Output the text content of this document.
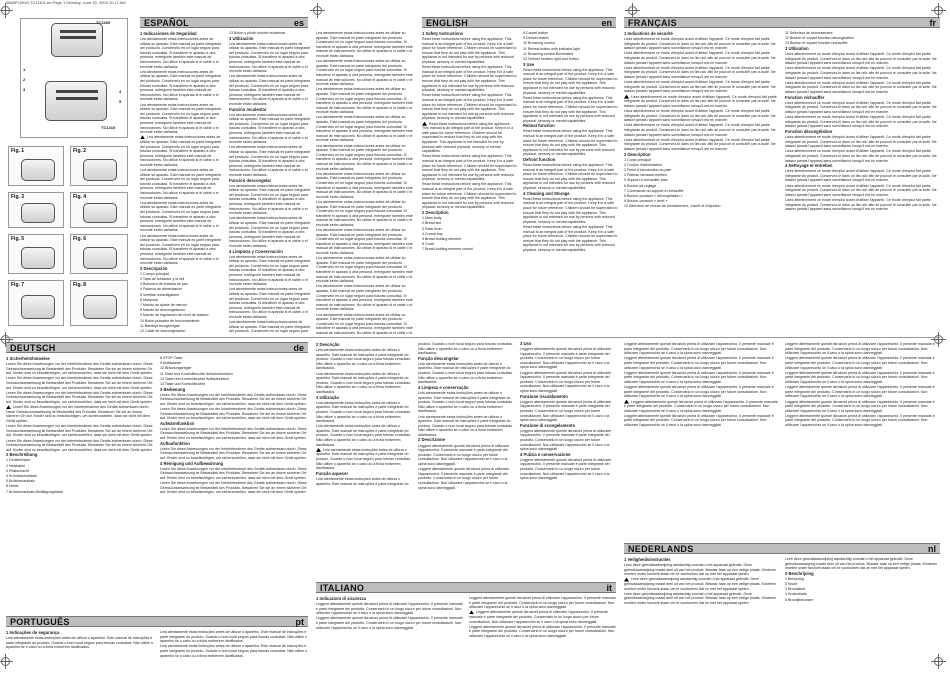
0866PL8049-TC11101.fm Page 1 Monday, June 15, 2009 11:17 AM
TC1400
TC1410
1
2
3	4
5
Fig. 1	Fig. 2
Fig. 3	Fig. 4
Fig. 5	Fig. 6
Fig. 7	Fig. 8
ESPAÑOL	es	ENGLISH	en FRANÇAIS	fr
DEUTSCH	de
PORTUGUÊS	pt
ITALIANO	it
NEDERLANDS	nl
1 Indicaciones de Seguridad

Lea atentamente estas instrucciones antes de utilizar su aparato. Este manual es parte integrante del producto. Consérvelo en un lugar seguro para futuras consultas. Si transfiere el aparato a otra persona, entréguele también este manual de instrucciones. No utilice el aparato si el cable o el enchufe están dañados.

Lea atentamente estas instrucciones antes de utilizar su aparato. Este manual es parte integrante del producto. Consérvelo en un lugar seguro para futuras consultas. Si transfiere el aparato a otra persona, entréguele también este manual de instrucciones. No utilice el aparato si el cable o el enchufe están dañados.

Lea atentamente estas instrucciones antes de utilizar su aparato. Este manual es parte integrante del producto. Consérvelo en un lugar seguro para futuras consultas. Si transfiere el aparato a otra persona, entréguele también este manual de instrucciones. No utilice el aparato si el cable o el enchufe están dañados.

Lea atentamente estas instrucciones antes de utilizar su aparato. Este manual es parte integrante del producto. Consérvelo en un lugar seguro para futuras consultas. Si transfiere el aparato a otra persona, entréguele también este manual de instrucciones. No utilice el aparato si el cable o el enchufe están dañados.

Lea atentamente estas instrucciones antes de utilizar su aparato. Este manual es parte integrante del producto. Consérvelo en un lugar seguro para futuras consultas. Si transfiere el aparato a otra persona, entréguele también este manual de instrucciones. No utilice el aparato si el cable o el enchufe están dañados.

Lea atentamente estas instrucciones antes de utilizar su aparato. Este manual es parte integrante del producto. Consérvelo en un lugar seguro para futuras consultas. Si transfiere el aparato a otra persona, entréguele también este manual de instrucciones. No utilice el aparato si el cable o el enchufe están dañados.

Lea atentamente estas instrucciones antes de utilizar su aparato. Este manual es parte integrante del producto. Consérvelo en un lugar seguro para futuras consultas. Si transfiere el aparato a otra persona, entréguele también este manual de instrucciones. No utilice el aparato si el cable o el enchufe están dañados.

2 Descripción

1 Cuerpo principal

2 Tapa de contactor y la red

3 Botonera de entrada de pan

4 Palanca de alimentación

5 Ventilas retráctilgables

6 Mariposa

7 Mando de ajuste de marrón

8 Mando de descongelación

9 Mando de regulación del nivel de tostado

10 Botón pulsador de funcionamiento

11 Bandeja recogemigas

12 Cable de descongelación

13 Botón y piloto función recalentar

3 Utilización

Lea atentamente estas instrucciones antes de utilizar su aparato. Este manual es parte integrante del producto. Consérvelo en un lugar seguro para futuras consultas. Si transfiere el aparato a otra persona, entréguele también este manual de instrucciones. No utilice el aparato si el cable o el enchufe están dañados.

Lea atentamente estas instrucciones antes de utilizar su aparato. Este manual es parte integrante del producto. Consérvelo en un lugar seguro para futuras consultas. Si transfiere el aparato a otra persona, entréguele también este manual de instrucciones. No utilice el aparato si el cable o el enchufe están dañados.

Función recalentar

Lea atentamente estas instrucciones antes de utilizar su aparato. Este manual es parte integrante del producto. Consérvelo en un lugar seguro para futuras consultas. Si transfiere el aparato a otra persona, entréguele también este manual de instrucciones. No utilice el aparato si el cable o el enchufe están dañados.

Lea atentamente estas instrucciones antes de utilizar su aparato. Este manual es parte integrante del producto. Consérvelo en un lugar seguro para futuras consultas. Si transfiere el aparato a otra persona, entréguele también este manual de instrucciones. No utilice el aparato si el cable o el enchufe están dañados.

Función descongelar

Lea atentamente estas instrucciones antes de utilizar su aparato. Este manual es parte integrante del producto. Consérvelo en un lugar seguro para futuras consultas. Si transfiere el aparato a otra persona, entréguele también este manual de instrucciones. No utilice el aparato si el cable o el enchufe están dañados.

Lea atentamente estas instrucciones antes de utilizar su aparato. Este manual es parte integrante del producto. Consérvelo en un lugar seguro para futuras consultas. Si transfiere el aparato a otra persona, entréguele también este manual de instrucciones. No utilice el aparato si el cable o el enchufe están dañados.

4 Limpieza y Conservación

Lea atentamente estas instrucciones antes de utilizar su aparato. Este manual es parte integrante del producto. Consérvelo en un lugar seguro para futuras consultas. Si transfiere el aparato a otra persona, entréguele también este manual de instrucciones. No utilice el aparato si el cable o el enchufe están dañados.

Lea atentamente estas instrucciones antes de utilizar su aparato. Este manual es parte integrante del producto. Consérvelo en un lugar seguro para futuras consultas. Si transfiere el aparato a otra persona, entréguele también este manual de instrucciones. No utilice el aparato si el cable o el enchufe están dañados.

Lea atentamente estas instrucciones antes de utilizar su aparato. Este manual es parte integrante del producto. Consérvelo en un lugar seguro para

1 Safety Instructions

Read these instructions before using the appliance. This manual is an integral part of the product. Keep it in a safe place for future reference. Children should be supervised to ensure that they do not play with the appliance. This appliance is not intended for use by persons with reduced physical, sensory or mental capabilities.

Read these instructions before using the appliance. This manual is an integral part of the product. Keep it in a safe place for future reference. Children should be supervised to ensure that they do not play with the appliance. This appliance is not intended for use by persons with reduced physical, sensory or mental capabilities.

Read these instructions before using the appliance. This manual is an integral part of the product. Keep it in a safe place for future reference. Children should be supervised to ensure that they do not play with the appliance. This appliance is not intended for use by persons with reduced physical, sensory or mental capabilities.

Read these instructions before using the appliance. This manual is an integral part of the product. Keep it in a safe place for future reference. Children should be supervised to ensure that they do not play with the appliance. This appliance is not intended for use by persons with reduced physical, sensory or mental capabilities.

Read these instructions before using the appliance. This manual is an integral part of the product. Keep it in a safe place for future reference. Children should be supervised to ensure that they do not play with the appliance. This appliance is not intended for use by persons with reduced physical, sensory or mental capabilities.

Read these instructions before using the appliance. This manual is an integral part of the product. Keep it in a safe place for future reference. Children should be supervised to ensure that they do not play with the appliance. This appliance is not intended for use by persons with reduced physical, sensory or mental capabilities.

2 Description

1 Main body

2 Bread slot

3 Rack lever

4 Crumb tray

5 Bread-holding element

6 Cover

7 Bread-holding element control

8 Cancel button

9 Defrost button

10 Browning control

11 Reheat button with indicator light

12 Browning control illuminated

13 Defrost function light and button

3 Use

Read these instructions before using the appliance. This manual is an integral part of the product. Keep it in a safe place for future reference. Children should be supervised to ensure that they do not play with the appliance. This appliance is not intended for use by persons with reduced physical, sensory or mental capabilities.

Read these instructions before using the appliance. This manual is an integral part of the product. Keep it in a safe place for future reference. Children should be supervised to ensure that they do not play with the appliance. This appliance is not intended for use by persons with reduced physical, sensory or mental capabilities.

Reheat function

Read these instructions before using the appliance. This manual is an integral part of the product. Keep it in a safe place for future reference. Children should be supervised to ensure that they do not play with the appliance. This appliance is not intended for use by persons with reduced physical, sensory or mental capabilities.

Defrost function

Read these instructions before using the appliance. This manual is an integral part of the product. Keep it in a safe place for future reference. Children should be supervised to ensure that they do not play with the appliance. This appliance is not intended for use by persons with reduced physical, sensory or mental capabilities.

4 Cleaning and Storage

Read these instructions before using the appliance. This manual is an integral part of the product. Keep it in a safe place for future reference. Children should be supervised to ensure that they do not play with the appliance. This appliance is not intended for use by persons with reduced physical, sensory or mental capabilities.

Read these instructions before using the appliance. This manual is an integral part of the product. Keep it in a safe place for future reference. Children should be supervised to ensure that they do not play with the appliance. This appliance is not intended for use by persons with reduced physical, sensory or mental capabilities.

Lea atentamente estas instrucciones antes de utilizar su aparato. Este manual es parte integrante del producto. Consérvelo en un lugar seguro para futuras consultas. Si transfiere el aparato a otra persona, entréguele también este manual de instrucciones. No utilice el aparato si el cable o el enchufe están dañados.

Lea atentamente estas instrucciones antes de utilizar su aparato. Este manual es parte integrante del producto. Consérvelo en un lugar seguro para futuras consultas. Si transfiere el aparato a otra persona, entréguele también este manual de instrucciones. No utilice el aparato si el cable o el enchufe están dañados.

Lea atentamente estas instrucciones antes de utilizar su aparato. Este manual es parte integrante del producto. Consérvelo en un lugar seguro para futuras consultas. Si transfiere el aparato a otra persona, entréguele también este manual de instrucciones. No utilice el aparato si el cable o el enchufe están dañados.

Lea atentamente estas instrucciones antes de utilizar su aparato. Este manual es parte integrante del producto. Consérvelo en un lugar seguro para futuras consultas. Si transfiere el aparato a otra persona, entréguele también este manual de instrucciones. No utilice el aparato si el cable o el enchufe están dañados.

Lea atentamente estas instrucciones antes de utilizar su aparato. Este manual es parte integrante del producto. Consérvelo en un lugar seguro para futuras consultas. Si transfiere el aparato a otra persona, entréguele también este manual de instrucciones. No utilice el aparato si el cable o el enchufe están dañados.

Lea atentamente estas instrucciones antes de utilizar su aparato. Este manual es parte integrante del producto. Consérvelo en un lugar seguro para futuras consultas. Si transfiere el aparato a otra persona, entréguele también este manual de instrucciones. No utilice el aparato si el cable o el enchufe están dañados.

Lea atentamente estas instrucciones antes de utilizar su aparato. Este manual es parte integrante del producto. Consérvelo en un lugar seguro para futuras consultas. Si transfiere el aparato a otra persona, entréguele también este manual de instrucciones. No utilice el aparato si el cable o el enchufe están dañados.

Lea atentamente estas instrucciones antes de utilizar su aparato. Este manual es parte integrante del producto. Consérvelo en un lugar seguro para futuras consultas. Si transfiere el aparato a otra persona, entréguele también este manual de instrucciones. No utilice el aparato si el cable o el enchufe están dañados.

Lea atentamente estas instrucciones antes de utilizar su aparato. Este manual es parte integrante del producto. Consérvelo en un lugar seguro para futuras consultas. Si transfiere el aparato a otra persona, entréguele también este manual de instrucciones. No utilice el aparato si el cable o el enchufe están dañados.

Lea atentamente estas instrucciones antes de utilizar su aparato. Este manual es parte integrante del producto. Consérvelo en un lugar seguro para futuras consultas. Si transfiere el aparato a otra persona, entréguele también este manual de instrucciones. No utilice el aparato si el cable o el enchufe están dañados.

Lea atentamente estas instrucciones antes de utilizar su aparato. Este manual es parte integrante del producto. Consérvelo en un lugar seguro para futuras consultas. Si transfiere el aparato a otra persona, entréguele también este manual de instrucciones. No utilice el aparato si el cable o el

1 Indications de sécurité

Lisez attentivement ce mode d'emploi avant d'utiliser l'appareil. Ce mode d'emploi fait partie intégrante du produit. Conservez-le dans un lieu sûr afin de pouvoir le consulter par la suite. Ne laissez jamais l'appareil sans surveillance lorsqu'il est en marche.

Lisez attentivement ce mode d'emploi avant d'utiliser l'appareil. Ce mode d'emploi fait partie intégrante du produit. Conservez-le dans un lieu sûr afin de pouvoir le consulter par la suite. Ne laissez jamais l'appareil sans surveillance lorsqu'il est en marche.

Lisez attentivement ce mode d'emploi avant d'utiliser l'appareil. Ce mode d'emploi fait partie intégrante du produit. Conservez-le dans un lieu sûr afin de pouvoir le consulter par la suite. Ne laissez jamais l'appareil sans surveillance lorsqu'il est en marche.

Lisez attentivement ce mode d'emploi avant d'utiliser l'appareil. Ce mode d'emploi fait partie intégrante du produit. Conservez-le dans un lieu sûr afin de pouvoir le consulter par la suite. Ne laissez jamais l'appareil sans surveillance lorsqu'il est en marche.

Lisez attentivement ce mode d'emploi avant d'utiliser l'appareil. Ce mode d'emploi fait partie intégrante du produit. Conservez-le dans un lieu sûr afin de pouvoir le consulter par la suite. Ne laissez jamais l'appareil sans surveillance lorsqu'il est en marche.

Lisez attentivement ce mode d'emploi avant d'utiliser l'appareil. Ce mode d'emploi fait partie intégrante du produit. Conservez-le dans un lieu sûr afin de pouvoir le consulter par la suite. Ne laissez jamais l'appareil sans surveillance lorsqu'il est en marche.

Lisez attentivement ce mode d'emploi avant d'utiliser l'appareil. Ce mode d'emploi fait partie intégrante du produit. Conservez-le dans un lieu sûr afin de pouvoir le consulter par la suite. Ne laissez jamais l'appareil sans surveillance lorsqu'il est en marche.

Lisez attentivement ce mode d'emploi avant d'utiliser l'appareil. Ce mode d'emploi fait partie intégrante du produit. Conservez-le dans un lieu sûr afin de pouvoir le consulter par la suite. Ne laissez jamais l'appareil sans surveillance lorsqu'il est en marche.

2 Description

1 Corps principal

2 Cordon d'alimentation

3 Fente d'introduction du pain

4 Plateau ramasse-miettes

5 Support à réchauffer pain

6 Bouton de réglage

7 Commande du support à réchauffer

8 Bouton-poussoir « décongélation »

9 Bouton-poussoir « arrêt »

10 Sélecteur de niveau de brunissement, d'arrêt et d'éjection

11 Sélecteur de brunissement

12 Bouton et voyant fonction décongélation

13 Bouton et voyant fonction réchauffer

3 Utilisation

Lisez attentivement ce mode d'emploi avant d'utiliser l'appareil. Ce mode d'emploi fait partie intégrante du produit. Conservez-le dans un lieu sûr afin de pouvoir le consulter par la suite. Ne laissez jamais l'appareil sans surveillance lorsqu'il est en marche.

Lisez attentivement ce mode d'emploi avant d'utiliser l'appareil. Ce mode d'emploi fait partie intégrante du produit. Conservez-le dans un lieu sûr afin de pouvoir le consulter par la suite. Ne laissez jamais l'appareil sans surveillance lorsqu'il est en marche.

Lisez attentivement ce mode d'emploi avant d'utiliser l'appareil. Ce mode d'emploi fait partie intégrante du produit. Conservez-le dans un lieu sûr afin de pouvoir le consulter par la suite. Ne laissez jamais l'appareil sans surveillance lorsqu'il est en marche.

Fonction réchauffer

Lisez attentivement ce mode d'emploi avant d'utiliser l'appareil. Ce mode d'emploi fait partie intégrante du produit. Conservez-le dans un lieu sûr afin de pouvoir le consulter par la suite. Ne laissez jamais l'appareil sans surveillance lorsqu'il est en marche.

Lisez attentivement ce mode d'emploi avant d'utiliser l'appareil. Ce mode d'emploi fait partie intégrante du produit. Conservez-le dans un lieu sûr afin de pouvoir le consulter par la suite. Ne laissez jamais l'appareil sans surveillance lorsqu'il est en marche.

Fonction décongélation

Lisez attentivement ce mode d'emploi avant d'utiliser l'appareil. Ce mode d'emploi fait partie intégrante du produit. Conservez-le dans un lieu sûr afin de pouvoir le consulter par la suite. Ne laissez jamais l'appareil sans surveillance lorsqu'il est en marche.

Lisez attentivement ce mode d'emploi avant d'utiliser l'appareil. Ce mode d'emploi fait partie intégrante du produit. Conservez-le dans un lieu sûr afin de pouvoir le consulter par la suite. Ne laissez jamais l'appareil sans surveillance lorsqu'il est en marche.

4 Nettoyage et entretien

Lisez attentivement ce mode d'emploi avant d'utiliser l'appareil. Ce mode d'emploi fait partie intégrante du produit. Conservez-le dans un lieu sûr afin de pouvoir le consulter par la suite. Ne laissez jamais l'appareil sans surveillance lorsqu'il est en marche.

Lisez attentivement ce mode d'emploi avant d'utiliser l'appareil. Ce mode d'emploi fait partie intégrante du produit. Conservez-le dans un lieu sûr afin de pouvoir le consulter par la suite. Ne laissez jamais l'appareil sans surveillance lorsqu'il est en marche.

Lisez attentivement ce mode d'emploi avant d'utiliser l'appareil. Ce mode d'emploi fait partie intégrante du produit. Conservez-le dans un lieu sûr afin de pouvoir le consulter par la suite. Ne laissez jamais l'appareil sans surveillance lorsqu'il est en marche.

1 Sicherheitshinweise

Lesen Sie diese Anweisungen vor der Inbetriebnahme des Geräts aufmerksam durch. Diese Gebrauchsanweisung ist Bestandteil des Produkts. Bewahren Sie sie an einem sicheren Ort auf. Kinder sind zu beaufsichtigen, um sicherzustellen, dass sie nicht mit dem Gerät spielen.

Lesen Sie diese Anweisungen vor der Inbetriebnahme des Geräts aufmerksam durch. Diese Gebrauchsanweisung ist Bestandteil des Produkts. Bewahren Sie sie an einem sicheren Ort auf. Kinder sind zu beaufsichtigen, um sicherzustellen, dass sie nicht mit dem Gerät spielen.

Lesen Sie diese Anweisungen vor der Inbetriebnahme des Geräts aufmerksam durch. Diese Gebrauchsanweisung ist Bestandteil des Produkts. Bewahren Sie sie an einem sicheren Ort auf. Kinder sind zu beaufsichtigen, um sicherzustellen, dass sie nicht mit dem Gerät spielen.

Lesen Sie diese Anweisungen vor der Inbetriebnahme des Geräts aufmerksam durch. Diese Gebrauchsanweisung ist Bestandteil des Produkts. Bewahren Sie sie an einem sicheren Ort auf. Kinder sind zu beaufsichtigen, um sicherzustellen, dass sie nicht mit dem Gerät spielen.

Lesen Sie diese Anweisungen vor der Inbetriebnahme des Geräts aufmerksam durch. Diese Gebrauchsanweisung ist Bestandteil des Produkts. Bewahren Sie sie an einem sicheren Ort auf. Kinder sind zu beaufsichtigen, um sicherzustellen, dass sie nicht mit dem Gerät spielen.

Lesen Sie diese Anweisungen vor der Inbetriebnahme des Geräts aufmerksam durch. Diese Gebrauchsanweisung ist Bestandteil des Produkts. Bewahren Sie sie an einem sicheren Ort auf. Kinder sind zu beaufsichtigen, um sicherzustellen, dass sie nicht mit dem Gerät spielen.

2 Beschreibung

1 Gerätekörper

2 Netzkabel

3 Röstschacht

4 Krümelschublade

5 Brötchenaufsatz

6 Hebel

7 Brötchenaufsatz-Betätigungstaste

8 STOP-Taste

9 Auftautaste

10 Bräunungsregler

11 Taste und Kontrollleuchte Aufwärmfunktion

12 Taste und Kontrollleuchte Auftaufunktion

13 Taste und Kontrollleuchte

3 Bedienung

Lesen Sie diese Anweisungen vor der Inbetriebnahme des Geräts aufmerksam durch. Diese Gebrauchsanweisung ist Bestandteil des Produkts. Bewahren Sie sie an einem sicheren Ort auf. Kinder sind zu beaufsichtigen, um sicherzustellen, dass sie nicht mit dem Gerät spielen.

Lesen Sie diese Anweisungen vor der Inbetriebnahme des Geräts aufmerksam durch. Diese Gebrauchsanweisung ist Bestandteil des Produkts. Bewahren Sie sie an einem sicheren Ort auf. Kinder sind zu beaufsichtigen, um sicherzustellen, dass sie nicht mit dem Gerät spielen.

Aufwärmfunktion

Lesen Sie diese Anweisungen vor der Inbetriebnahme des Geräts aufmerksam durch. Diese Gebrauchsanweisung ist Bestandteil des Produkts. Bewahren Sie sie an einem sicheren Ort auf. Kinder sind zu beaufsichtigen, um sicherzustellen, dass sie nicht mit dem Gerät spielen.

Auftaufunktion

Lesen Sie diese Anweisungen vor der Inbetriebnahme des Geräts aufmerksam durch. Diese Gebrauchsanweisung ist Bestandteil des Produkts. Bewahren Sie sie an einem sicheren Ort auf. Kinder sind zu beaufsichtigen, um sicherzustellen, dass sie nicht mit dem Gerät spielen.

4 Reinigung und Aufbewahrung

Lesen Sie diese Anweisungen vor der Inbetriebnahme des Geräts aufmerksam durch. Diese Gebrauchsanweisung ist Bestandteil des Produkts. Bewahren Sie sie an einem sicheren Ort auf. Kinder sind zu beaufsichtigen, um sicherzustellen, dass sie nicht mit dem Gerät spielen.

Lesen Sie diese Anweisungen vor der Inbetriebnahme des Geräts aufmerksam durch. Diese Gebrauchsanweisung ist Bestandteil des Produkts. Bewahren Sie sie an einem sicheren Ort auf. Kinder sind zu beaufsichtigen, um sicherzustellen, dass sie nicht mit dem Gerät spielen.

1 Indicações de segurança

Leia atentamente estas instruções antes de utilizar o aparelho. Este manual de instruções é parte integrante do produto. Guarde-o num local seguro para futuras consultas. Não utilize o aparelho se o cabo ou a ficha estiverem danificados.

Leia atentamente estas instruções antes de utilizar o aparelho. Este manual de instruções é parte integrante do produto. Guarde-o num local seguro para futuras consultas. Não utilize o aparelho se o cabo ou a ficha estiverem danificados.

Leia atentamente estas instruções antes de utilizar o aparelho. Este manual de instruções é parte integrante do produto. Guarde-o num local seguro para futuras consultas. Não utilize o aparelho se o cabo ou a ficha estiverem danificados.

2 Descrição

Leia atentamente estas instruções antes de utilizar o aparelho. Este manual de instruções é parte integrante do produto. Guarde-o num local seguro para futuras consultas. Não utilize o aparelho se o cabo ou a ficha estiverem danificados.

Leia atentamente estas instruções antes de utilizar o aparelho. Este manual de instruções é parte integrante do produto. Guarde-o num local seguro para futuras consultas. Não utilize o aparelho se o cabo ou a ficha estiverem danificados.

3 Utilização

Leia atentamente estas instruções antes de utilizar o aparelho. Este manual de instruções é parte integrante do produto. Guarde-o num local seguro para futuras consultas. Não utilize o aparelho se o cabo ou a ficha estiverem danificados.

Leia atentamente estas instruções antes de utilizar o aparelho. Este manual de instruções é parte integrante do produto. Guarde-o num local seguro para futuras consultas. Não utilize o aparelho se o cabo ou a ficha estiverem danificados.

Leia atentamente estas instruções antes de utilizar o aparelho. Este manual de instruções é parte integrante do produto. Guarde-o num local seguro para futuras consultas. Não utilize o aparelho se o cabo ou a ficha estiverem danificados.

Função aquecer

Leia atentamente estas instruções antes de utilizar o aparelho. Este manual de instruções é parte integrante do produto. Guarde-o num local seguro para futuras consultas. Não utilize o aparelho se o cabo ou a ficha estiverem danificados.

Função descongelar

Leia atentamente estas instruções antes de utilizar o aparelho. Este manual de instruções é parte integrante do produto. Guarde-o num local seguro para futuras consultas. Não utilize o aparelho se o cabo ou a ficha estiverem danificados.

4 Limpeza e conservação

Leia atentamente estas instruções antes de utilizar o aparelho. Este manual de instruções é parte integrante do produto. Guarde-o num local seguro para futuras consultas. Não utilize o aparelho se o cabo ou a ficha estiverem danificados.

Leia atentamente estas instruções antes de utilizar o aparelho. Este manual de instruções é parte integrante do produto. Guarde-o num local seguro para futuras consultas. Não utilize o aparelho se o cabo ou a ficha estiverem danificados.

2 Descrizione

Leggere attentamente queste istruzioni prima di utilizzare l'apparecchio. Il presente manuale è parte integrante del prodotto. Conservarlo in un luogo sicuro per future consultazioni. Non utilizzare l'apparecchio se il cavo o la spina sono danneggiati.

Leggere attentamente queste istruzioni prima di utilizzare l'apparecchio. Il presente manuale è parte integrante del prodotto. Conservarlo in un luogo sicuro per future consultazioni. Non utilizzare l'apparecchio se il cavo o la spina sono danneggiati.

3 Uso

Leggere attentamente queste istruzioni prima di utilizzare l'apparecchio. Il presente manuale è parte integrante del prodotto. Conservarlo in un luogo sicuro per future consultazioni. Non utilizzare l'apparecchio se il cavo o la spina sono danneggiati.

Leggere attentamente queste istruzioni prima di utilizzare l'apparecchio. Il presente manuale è parte integrante del prodotto. Conservarlo in un luogo sicuro per future consultazioni. Non utilizzare l'apparecchio se il cavo o la spina sono danneggiati.

Funzione riscaldamento

Leggere attentamente queste istruzioni prima di utilizzare l'apparecchio. Il presente manuale è parte integrante del prodotto. Conservarlo in un luogo sicuro per future consultazioni. Non utilizzare l'apparecchio se il cavo o la spina sono danneggiati.

Funzione di scongelamento

Leggere attentamente queste istruzioni prima di utilizzare l'apparecchio. Il presente manuale è parte integrante del prodotto. Conservarlo in un luogo sicuro per future consultazioni. Non utilizzare l'apparecchio se il cavo o la spina sono danneggiati.

4 Pulizia e conservazione

Leggere attentamente queste istruzioni prima di utilizzare l'apparecchio. Il presente manuale è parte integrante del prodotto. Conservarlo in un luogo sicuro per future consultazioni. Non utilizzare l'apparecchio se il cavo o la spina sono danneggiati.

1 Indicazioni di sicurezza

Leggere attentamente queste istruzioni prima di utilizzare l'apparecchio. Il presente manuale è parte integrante del prodotto. Conservarlo in un luogo sicuro per future consultazioni. Non utilizzare l'apparecchio se il cavo o la spina sono danneggiati.

Leggere attentamente queste istruzioni prima di utilizzare l'apparecchio. Il presente manuale è parte integrante del prodotto. Conservarlo in un luogo sicuro per future consultazioni. Non utilizzare l'apparecchio se il cavo o la spina sono danneggiati.

Leggere attentamente queste istruzioni prima di utilizzare l'apparecchio. Il presente manuale è parte integrante del prodotto. Conservarlo in un luogo sicuro per future consultazioni. Non utilizzare l'apparecchio se il cavo o la spina sono danneggiati.

Leggere attentamente queste istruzioni prima di utilizzare l'apparecchio. Il presente manuale è parte integrante del prodotto. Conservarlo in un luogo sicuro per future consultazioni. Non utilizzare l'apparecchio se il cavo o la spina sono danneggiati.

Leggere attentamente queste istruzioni prima di utilizzare l'apparecchio. Il presente manuale è parte integrante del prodotto. Conservarlo in un luogo sicuro per future consultazioni. Non utilizzare l'apparecchio se il cavo o la spina sono danneggiati.

Leggere attentamente queste istruzioni prima di utilizzare l'apparecchio. Il presente manuale è parte integrante del prodotto. Conservarlo in un luogo sicuro per future consultazioni. Non utilizzare l'apparecchio se il cavo o la spina sono danneggiati.

Leggere attentamente queste istruzioni prima di utilizzare l'apparecchio. Il presente manuale è parte integrante del prodotto. Conservarlo in un luogo sicuro per future consultazioni. Non utilizzare l'apparecchio se il cavo o la spina sono danneggiati.

Leggere attentamente queste istruzioni prima di utilizzare l'apparecchio. Il presente manuale è parte integrante del prodotto. Conservarlo in un luogo sicuro per future consultazioni. Non utilizzare l'apparecchio se il cavo o la spina sono danneggiati.

Leggere attentamente queste istruzioni prima di utilizzare l'apparecchio. Il presente manuale è parte integrante del prodotto. Conservarlo in un luogo sicuro per future consultazioni. Non utilizzare l'apparecchio se il cavo o la spina sono danneggiati.

Leggere attentamente queste istruzioni prima di utilizzare l'apparecchio. Il presente manuale è parte integrante del prodotto. Conservarlo in un luogo sicuro per future consultazioni. Non utilizzare l'apparecchio se il cavo o la spina sono danneggiati.

Leggere attentamente queste istruzioni prima di utilizzare l'apparecchio. Il presente manuale è parte integrante del prodotto. Conservarlo in un luogo sicuro per future consultazioni. Non utilizzare l'apparecchio se il cavo o la spina sono danneggiati.

Leggere attentamente queste istruzioni prima di utilizzare l'apparecchio. Il presente manuale è parte integrante del prodotto. Conservarlo in un luogo sicuro per future consultazioni. Non utilizzare l'apparecchio se il cavo o la spina sono danneggiati.

Leggere attentamente queste istruzioni prima di utilizzare l'apparecchio. Il presente manuale è parte integrante del prodotto. Conservarlo in un luogo sicuro per future consultazioni. Non utilizzare l'apparecchio se il cavo o la spina sono danneggiati.

Leggere attentamente queste istruzioni prima di utilizzare l'apparecchio. Il presente manuale è parte integrante del prodotto. Conservarlo in un luogo sicuro per future consultazioni. Non utilizzare l'apparecchio se il cavo o la spina sono danneggiati.

Leggere attentamente queste istruzioni prima di utilizzare l'apparecchio. Il presente manuale è parte integrante del prodotto. Conservarlo in un luogo sicuro per future consultazioni. Non utilizzare l'apparecchio se il cavo o la spina sono danneggiati.

Leggere attentamente queste istruzioni prima di utilizzare l'apparecchio. Il presente manuale è parte integrante del prodotto. Conservarlo in un luogo sicuro per future consultazioni. Non utilizzare l'apparecchio se il cavo o la spina sono danneggiati.

Leggere attentamente queste istruzioni prima di utilizzare l'apparecchio. Il presente manuale è parte integrante del prodotto. Conservarlo in un luogo sicuro per future consultazioni. Non utilizzare l'apparecchio se il cavo o la spina sono danneggiati.

1 Veiligheidsinstructies

Lees deze gebruiksaanwijzing aandachtig voordat u het apparaat gebruikt. Deze gebruiksaanwijzing maakt deel uit van het product. Bewaar haar op een veilige plaats. Kinderen moeten onder toezicht staan om te voorkomen dat ze met het apparaat spelen.

Lees deze gebruiksaanwijzing aandachtig voordat u het apparaat gebruikt. Deze gebruiksaanwijzing maakt deel uit van het product. Bewaar haar op een veilige plaats. Kinderen moeten onder toezicht staan om te voorkomen dat ze met het apparaat spelen.

Lees deze gebruiksaanwijzing aandachtig voordat u het apparaat gebruikt. Deze gebruiksaanwijzing maakt deel uit van het product. Bewaar haar op een veilige plaats. Kinderen moeten onder toezicht staan om te voorkomen dat ze met het apparaat spelen.

Lees deze gebruiksaanwijzing aandachtig voordat u het apparaat gebruikt. Deze gebruiksaanwijzing maakt deel uit van het product. Bewaar haar op een veilige plaats. Kinderen moeten onder toezicht staan om te voorkomen dat ze met het apparaat spelen.

2 Beschrijving

1 Behuizing

2 Snoer

3 Broodsleuf

4 Kruimellade

5 Broodjesrooster
